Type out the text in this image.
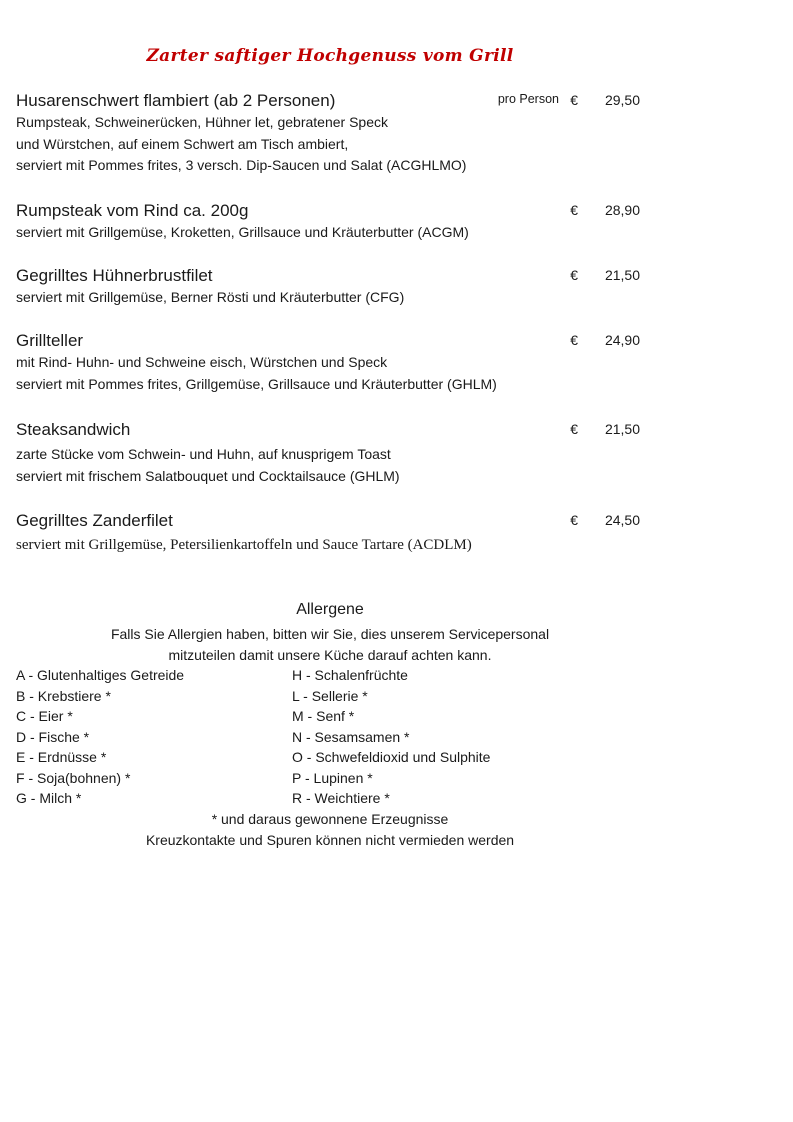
Zarter saftiger Hochgenuss vom Grill
Husarenschwert flambiert (ab 2 Personen)	pro Person €	29,50
Rumpsteak, Schweinerücken, Hühner let, gebratener Speck
und Würstchen, auf einem Schwert am Tisch ambiert,
serviert mit Pommes frites, 3 versch. Dip-Saucen und Salat (ACGHLMO)
Rumpsteak vom Rind ca. 200g	€	28,90
serviert mit Grillgemüse, Kroketten, Grillsauce und Kräuterbutter (ACGM)
Gegrilltes Hühnerbrustfilet	€	21,50
serviert mit Grillgemüse, Berner Rösti und Kräuterbutter (CFG)
Grillteller	€	24,90
mit Rind- Huhn- und Schweine eisch, Würstchen und Speck
serviert mit Pommes frites, Grillgemüse, Grillsauce und Kräuterbutter (GHLM)
Steaksandwich	€	21,50
zarte Stücke vom Schwein- und Huhn, auf knusprigem Toast
serviert mit frischem Salatbouquet und Cocktailsauce (GHLM)
Gegrilltes Zanderfilet	€	24,50
serviert mit Grillgemüse, Petersilienkartoffeln und Sauce Tartare (ACDLM)
Allergene
Falls Sie Allergien haben, bitten wir Sie, dies unserem Servicepersonal
mitzuteilen damit unsere Küche darauf achten kann.
A - Glutenhaltiges Getreide
B - Krebstiere *
C - Eier *
D - Fische *
E - Erdnüsse *
F - Soja(bohnen) *
G - Milch *
H - Schalenfrüchte
L - Sellerie *
M - Senf *
N - Sesamsamen *
O - Schwefeldioxid und Sulphite
P - Lupinen *
R - Weichtiere *
* und daraus gewonnene Erzeugnisse
Kreuzkontakte und Spuren können nicht vermieden werden
